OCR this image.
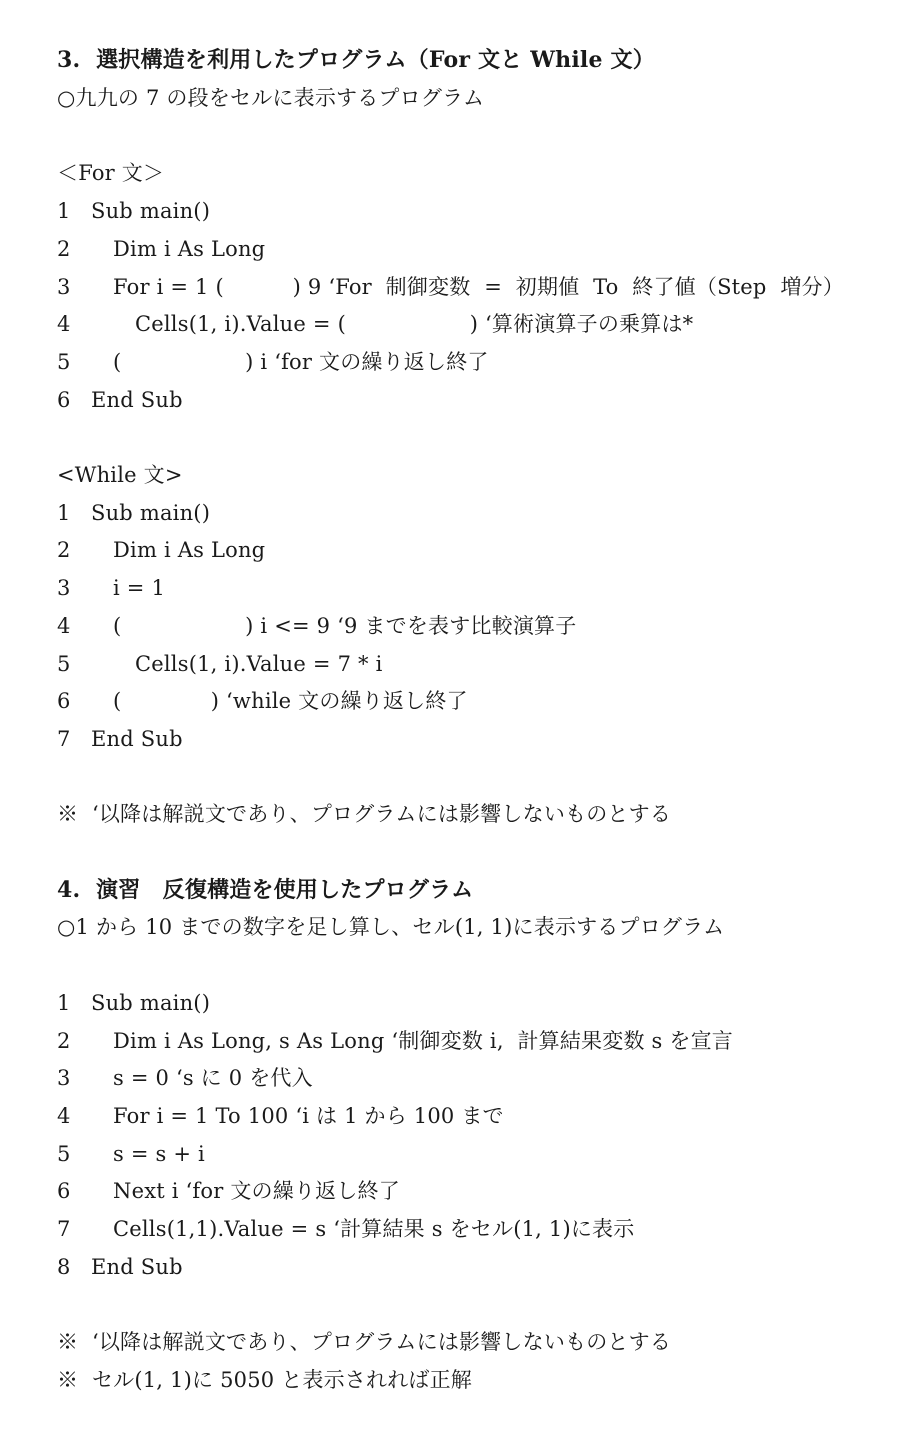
3.  選択構造を利用したプログラム（For 文と While 文）
○九九の 7 の段をセルに表示するプログラム
＜For 文＞
1 Sub main()
2 Dim i As Long
3 For i = 1 (          ) 9 ‘For  制御変数  =  初期値  To  終了値（Step  増分）
4	Cells(1, i).Value = (                  ) ‘算術演算子の乗算は*
5 (                  ) i ‘for 文の繰り返し終了
6 End Sub
<While 文>
1 Sub main()
2 Dim i As Long
3 i = 1
4 (                  ) i <= 9 ‘9 までを表す比較演算子
5	Cells(1, i).Value = 7 * i
6 (             ) ‘while 文の繰り返し終了
7 End Sub
※  ‘以降は解説文であり、プログラムには影響しないものとする
4.  演習　反復構造を使用したプログラム
○1 から 10 までの数字を足し算し、セル(1, 1)に表示するプログラム
1 Sub main()
2 Dim i As Long, s As Long ‘制御変数 i,  計算結果変数 s を宣言
3 s = 0 ‘s に 0 を代入
4 For i = 1 To 100 ‘i は 1 から 100 まで
5 s = s + i
6 Next i ‘for 文の繰り返し終了
7 Cells(1,1).Value = s ‘計算結果 s をセル(1, 1)に表示
8 End Sub
※  ‘以降は解説文であり、プログラムには影響しないものとする
※  セル(1, 1)に 5050 と表示されれば正解
